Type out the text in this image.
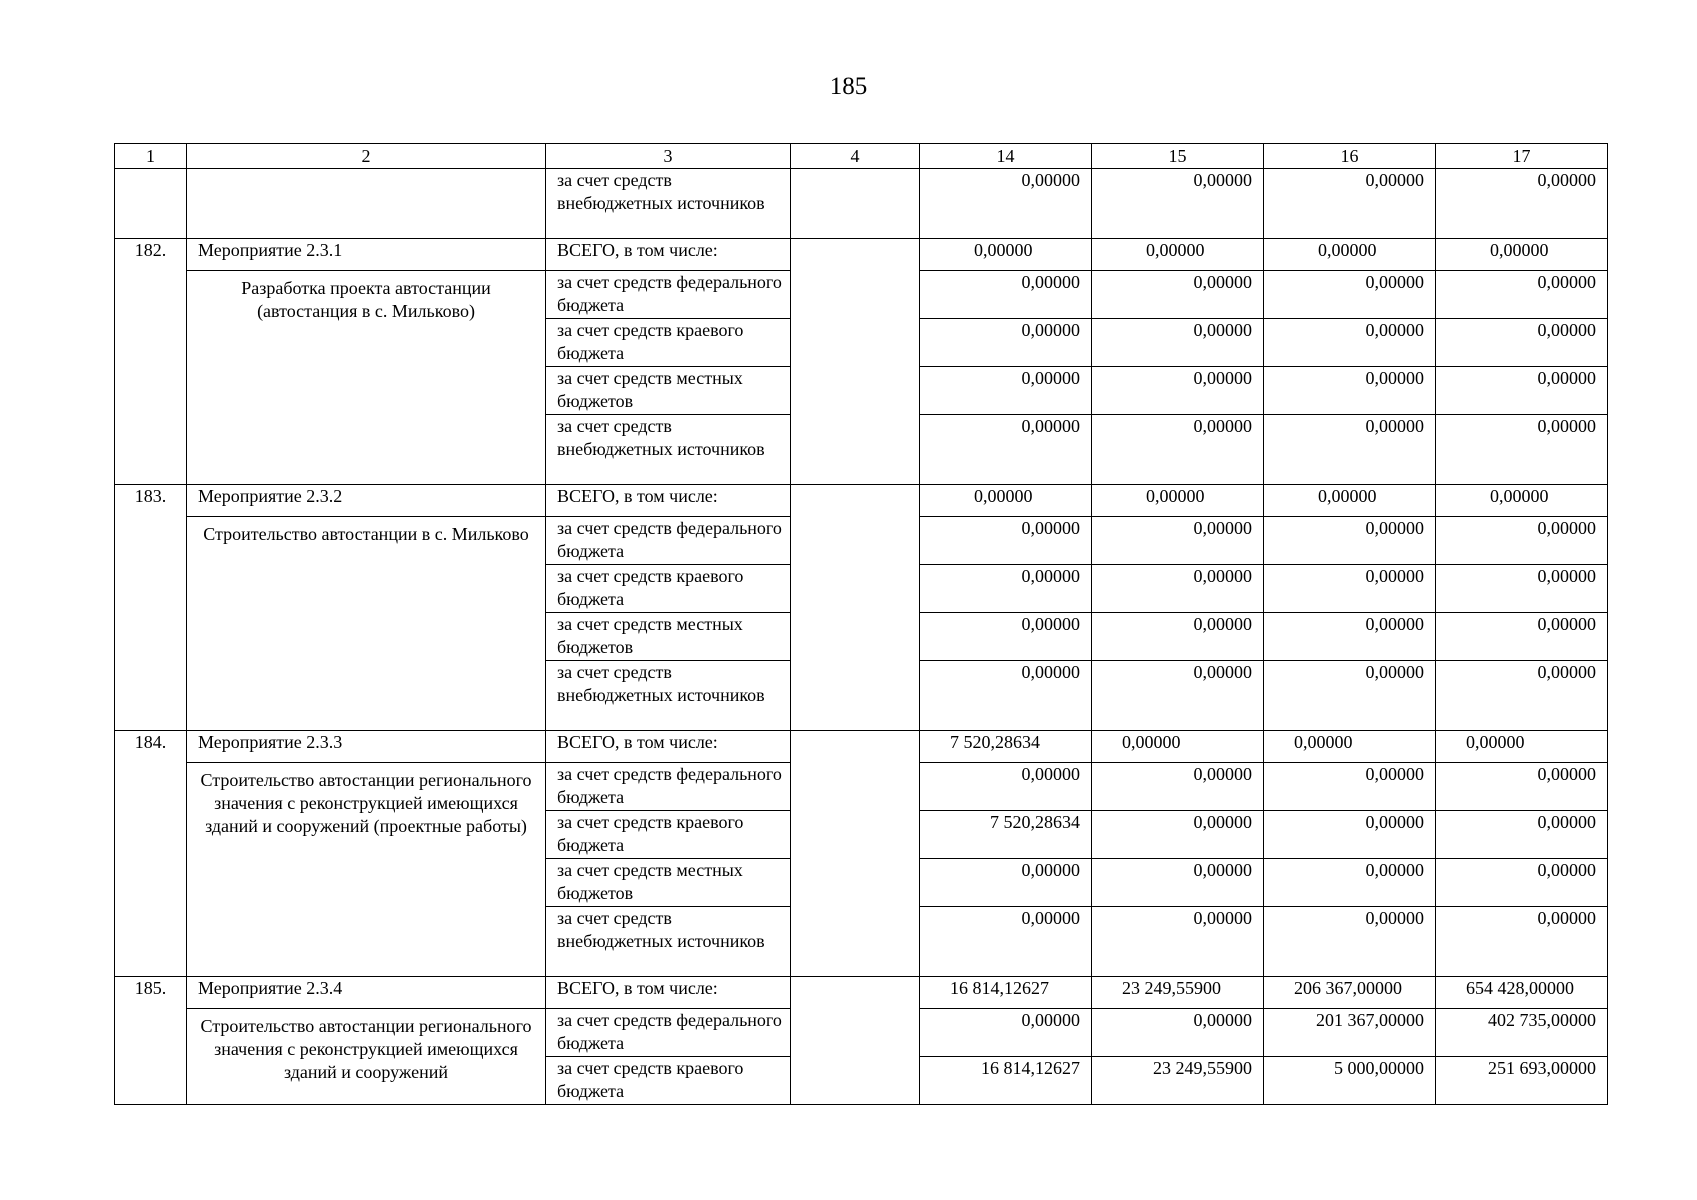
185
1	2	3	4	14	15	16	17
		за счет средств внебюджетных источников		0,00000	0,00000	0,00000	0,00000
182.	Мероприятие 2.3.1	ВСЕГО, в том числе:		0,00000	0,00000	0,00000	0,00000
	Разработка проекта автостанции (автостанция в с. Мильково)	за счет средств федерального бюджета		0,00000	0,00000	0,00000	0,00000
		за счет средств краевого бюджета		0,00000	0,00000	0,00000	0,00000
		за счет средств местных бюджетов		0,00000	0,00000	0,00000	0,00000
		за счет средств внебюджетных источников		0,00000	0,00000	0,00000	0,00000
183.	Мероприятие 2.3.2	ВСЕГО, в том числе:		0,00000	0,00000	0,00000	0,00000
	Строительство автостанции в с. Мильково	за счет средств федерального бюджета		0,00000	0,00000	0,00000	0,00000
		за счет средств краевого бюджета		0,00000	0,00000	0,00000	0,00000
		за счет средств местных бюджетов		0,00000	0,00000	0,00000	0,00000
		за счет средств внебюджетных источников		0,00000	0,00000	0,00000	0,00000
184.	Мероприятие 2.3.3	ВСЕГО, в том числе:		7 520,28634	0,00000	0,00000	0,00000
	Строительство автостанции регионального значения с реконструкцией имеющихся зданий и сооружений (проектные работы)	за счет средств федерального бюджета		0,00000	0,00000	0,00000	0,00000
		за счет средств краевого бюджета		7 520,28634	0,00000	0,00000	0,00000
		за счет средств местных бюджетов		0,00000	0,00000	0,00000	0,00000
		за счет средств внебюджетных источников		0,00000	0,00000	0,00000	0,00000
185.	Мероприятие 2.3.4	ВСЕГО, в том числе:		16 814,12627	23 249,55900	206 367,00000	654 428,00000
	Строительство автостанции регионального значения с реконструкцией имеющихся зданий и сооружений	за счет средств федерального бюджета		0,00000	0,00000	201 367,00000	402 735,00000
		за счет средств краевого бюджета		16 814,12627	23 249,55900	5 000,00000	251 693,00000
